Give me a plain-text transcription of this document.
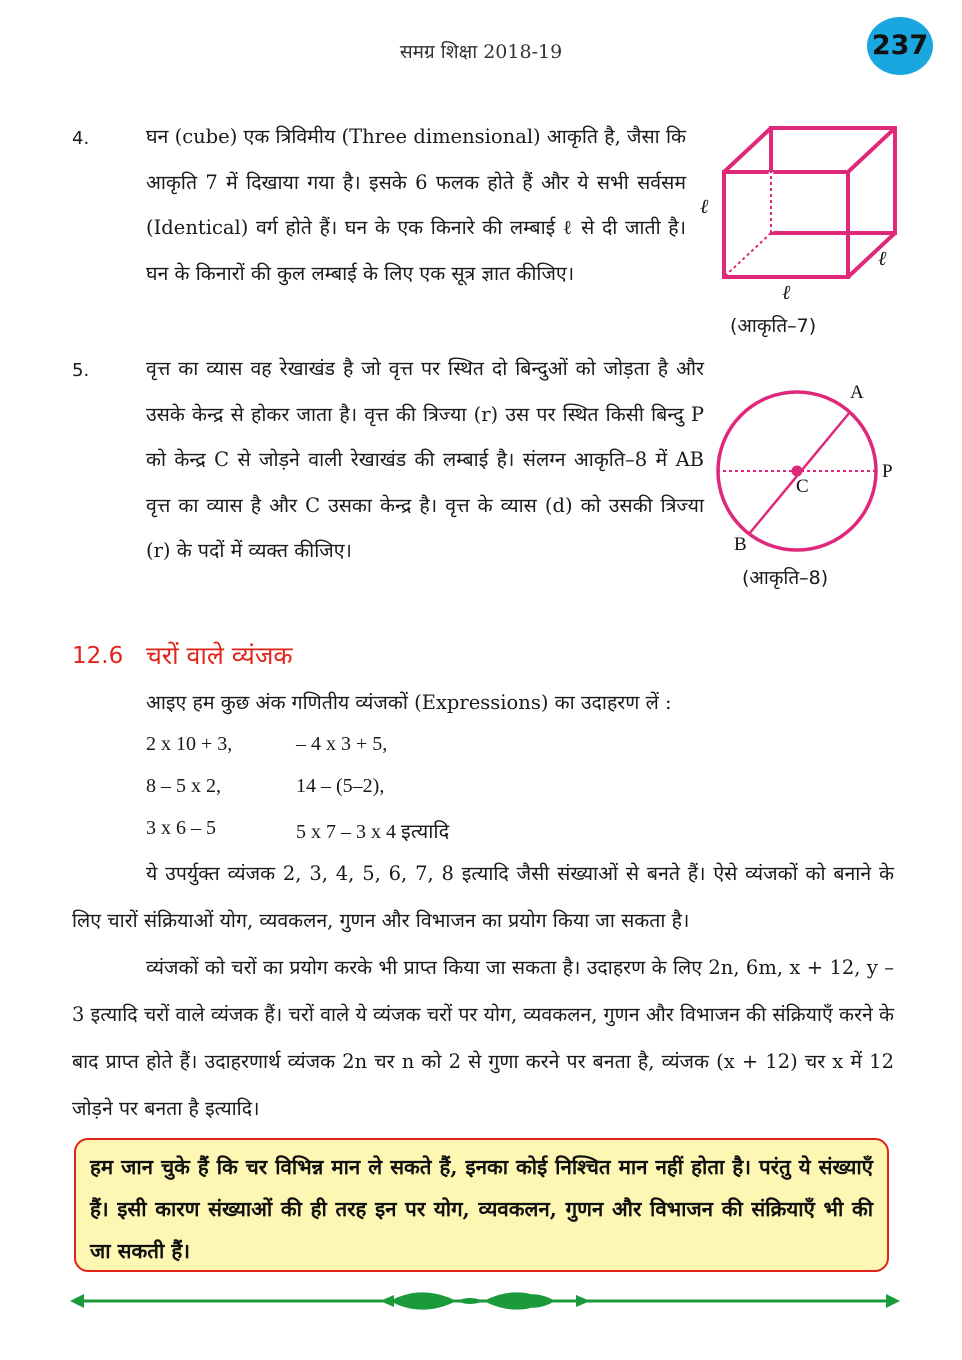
समग्र शिक्षा 2018-19	237
4.	घन (cube) एक त्रिविमीय (Three dimensional) आकृति है, जैसा कि आकृति 7 में दिखाया गया है। इसके 6 फलक होते हैं और ये सभी सर्वसम (Identical) वर्ग होते हैं। घन के एक किनारे की लम्बाई ℓ से दी जाती है। घन के किनारों की कुल लम्बाई के लिए एक सूत्र ज्ञात कीजिए।
ℓ
ℓ
ℓ
(आकृति–7)
5.	वृत्त का व्यास वह रेखाखंड है जो वृत्त पर स्थित दो बिन्दुओं को जोड़ता है और उसके केन्द्र से होकर जाता है। वृत्त की त्रिज्या (r) उस पर स्थित किसी बिन्दु P को केन्द्र C से जोड़ने वाली रेखाखंड की लम्बाई है। संलग्न आकृति–8 में AB वृत्त का व्यास है और C उसका केन्द्र है। वृत्त के व्यास (d) को उसकी त्रिज्या (r) के पदों में व्यक्त कीजिए।
A
B
C
P
(आकृति–8)
12.6 चरों वाले व्यंजक
आइए हम कुछ अंक गणितीय व्यंजकों (Expressions) का उदाहरण लें :
2 x 10 + 3,	– 4 x 3 + 5,
8 – 5 x 2,	14 – (5–2),
3 x 6 – 5	5 x 7 – 3 x 4 इत्यादि
ये उपर्युक्त व्यंजक 2, 3, 4, 5, 6, 7, 8 इत्यादि जैसी संख्याओं से बनते हैं। ऐसे व्यंजकों को बनाने के लिए चारों संक्रियाओं योग, व्यवकलन, गुणन और विभाजन का प्रयोग किया जा सकता है।
व्यंजकों को चरों का प्रयोग करके भी प्राप्त किया जा सकता है। उदाहरण के लिए 2n, 6m, x + 12, y – 3 इत्यादि चरों वाले व्यंजक हैं। चरों वाले ये व्यंजक चरों पर योग, व्यवकलन, गुणन और विभाजन की संक्रियाएँ करने के बाद प्राप्त होते हैं। उदाहरणार्थ व्यंजक 2n चर n को 2 से गुणा करने पर बनता है, व्यंजक (x + 12) चर x में 12 जोड़ने पर बनता है इत्यादि।
हम जान चुके हैं कि चर विभिन्न मान ले सकते हैं, इनका कोई निश्चित मान नहीं होता है। परंतु ये संख्याएँ हैं। इसी कारण संख्याओं की ही तरह इन पर योग, व्यवकलन, गुणन और विभाजन की संक्रियाएँ भी की जा सकती हैं।
